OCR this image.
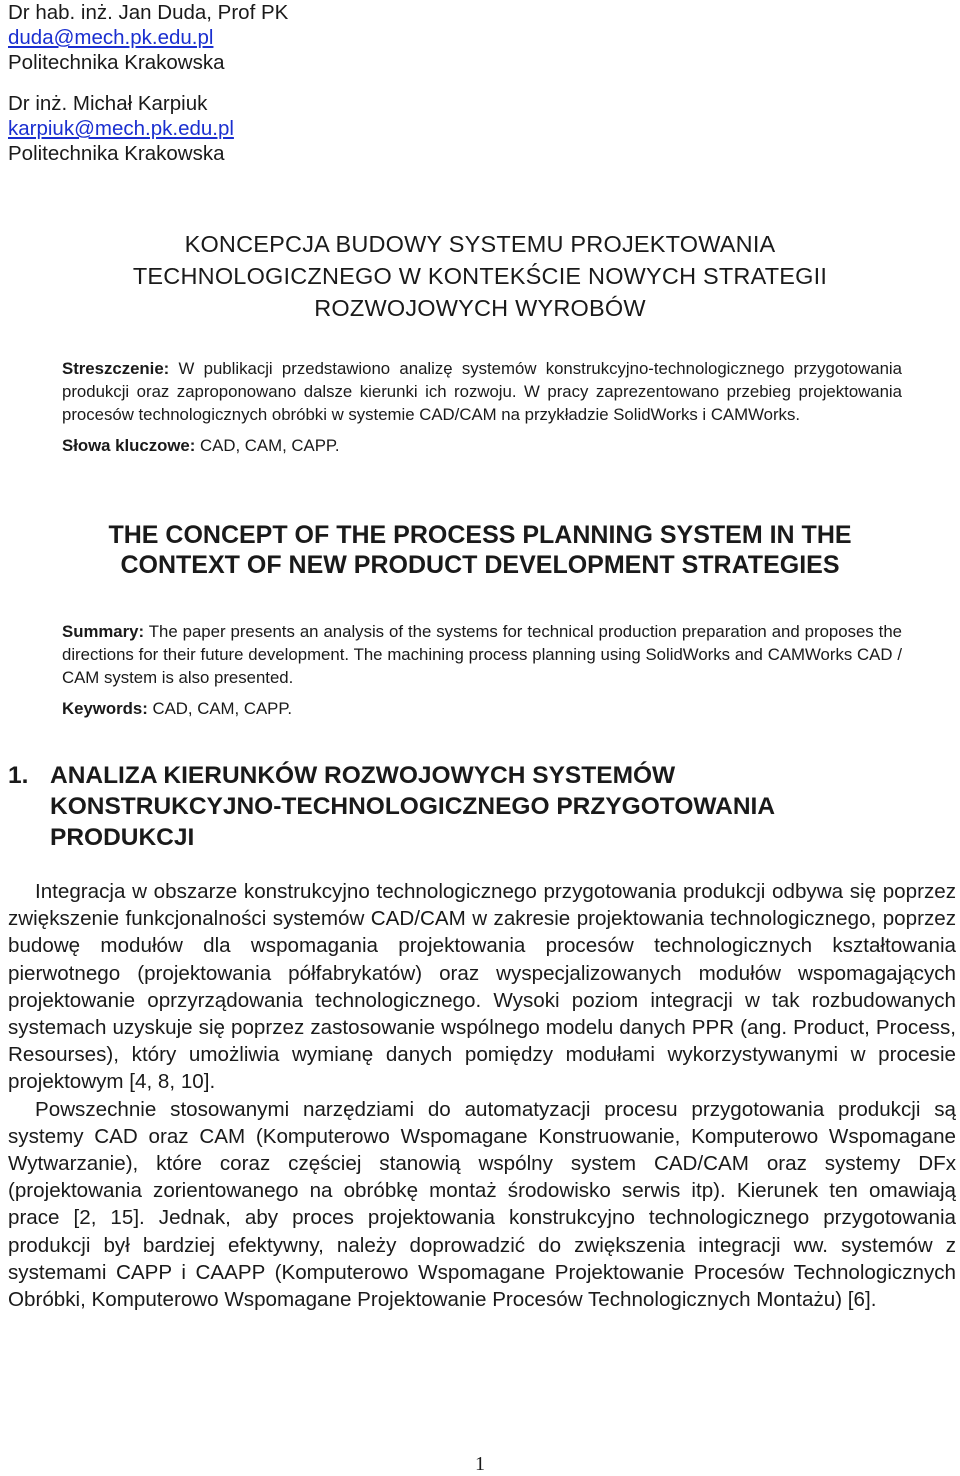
Dr hab. inż. Jan Duda, Prof PK
duda@mech.pk.edu.pl
Politechnika Krakowska
Dr inż. Michał Karpiuk
karpiuk@mech.pk.edu.pl
Politechnika Krakowska
KONCEPCJA BUDOWY SYSTEMU PROJEKTOWANIA
TECHNOLOGICZNEGO W KONTEKŚCIE NOWYCH STRATEGII
ROZWOJOWYCH WYROBÓW

Streszczenie: W publikacji przedstawiono analizę systemów konstrukcyjno-technologicznego przygotowania produkcji oraz zaproponowano dalsze kierunki ich rozwoju. W pracy zaprezentowano przebieg projektowania procesów technologicznych obróbki w systemie CAD/CAM na przykładzie SolidWorks i CAMWorks.

Słowa kluczowe: CAD, CAM, CAPP.

THE CONCEPT OF THE PROCESS PLANNING SYSTEM IN THE
CONTEXT OF NEW PRODUCT DEVELOPMENT STRATEGIES

Summary: The paper presents an analysis of the systems for technical production preparation and proposes the directions for their future development. The machining process planning using SolidWorks and CAMWorks CAD / CAM system is also presented.

Keywords: CAD, CAM, CAPP.

1. ANALIZA KIERUNKÓW ROZWOJOWYCH SYSTEMÓW
KONSTRUKCYJNO-TECHNOLOGICZNEGO PRZYGOTOWANIA
PRODUKCJI

Integracja w obszarze konstrukcyjno technologicznego przygotowania produkcji odbywa się poprzez zwiększenie funkcjonalności systemów CAD/CAM w zakresie projektowania technologicznego, poprzez budowę modułów dla wspomagania projektowania procesów technologicznych kształtowania pierwotnego (projektowania półfabrykatów) oraz wyspecjalizowanych modułów wspomagających projektowanie oprzyrządowania technologicznego. Wysoki poziom integracji w tak rozbudowanych systemach uzyskuje się poprzez zastosowanie wspólnego modelu danych PPR (ang. Product, Process, Resourses), który umożliwia wymianę danych pomiędzy modułami wykorzystywanymi w procesie projektowym [4, 8, 10].

Powszechnie stosowanymi narzędziami do automatyzacji procesu przygotowania produkcji są systemy CAD oraz CAM (Komputerowo Wspomagane Konstruowanie, Komputerowo Wspomagane Wytwarzanie), które coraz częściej stanowią wspólny system CAD/CAM oraz systemy DFx (projektowania zorientowanego na obróbkę montaż środowisko serwis itp). Kierunek ten omawiają prace [2, 15]. Jednak, aby proces projektowania konstrukcyjno technologicznego przygotowania produkcji był bardziej efektywny, należy doprowadzić do zwiększenia integracji ww. systemów z systemami CAPP i CAAPP (Komputerowo Wspomagane Projektowanie Procesów Technologicznych Obróbki, Komputerowo Wspomagane Projektowanie Procesów Technologicznych Montażu) [6].

1
